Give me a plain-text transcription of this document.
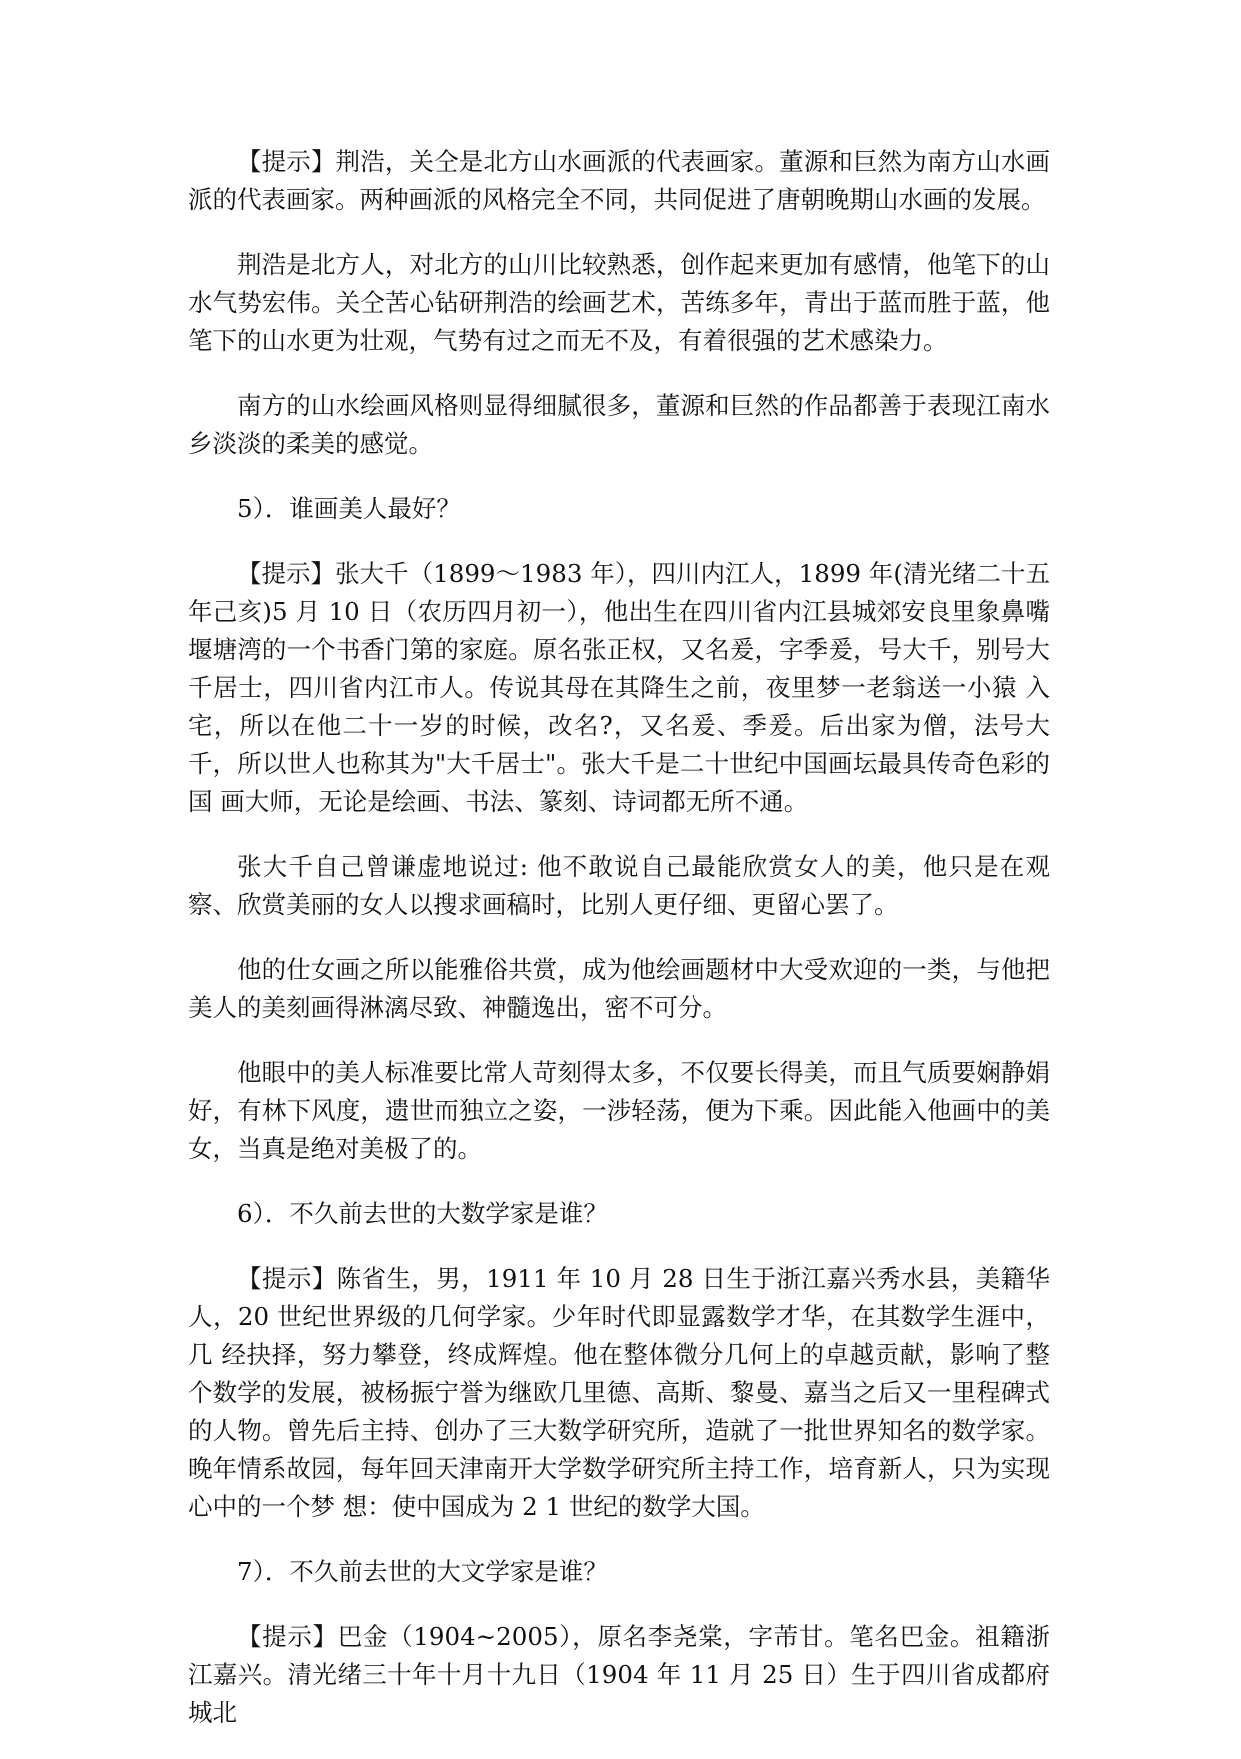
【提示】荆浩，关仝是北方山水画派的代表画家。董源和巨然为南方山水画派的代表画家。两种画派的风格完全不同，共同促进了唐朝晚期山水画的发展。

荆浩是北方人，对北方的山川比较熟悉，创作起来更加有感情，他笔下的山水气势宏伟。关仝苦心钻研荆浩的绘画艺术，苦练多年，青出于蓝而胜于蓝，他笔下的山水更为壮观，气势有过之而无不及，有着很强的艺术感染力。

南方的山水绘画风格则显得细腻很多，董源和巨然的作品都善于表现江南水乡淡淡的柔美的感觉。

5）．谁画美人最好？

【提示】张大千（1899～1983 年），四川内江人，1899 年(清光绪二十五年己亥)5 月 10 日（农历四月初一），他出生在四川省内江县城郊安良里象鼻嘴堰塘湾的一个书香门第的家庭。原名张正权，又名爰，字季爰，号大千，别号大千居士，四川省内江市人。传说其母在其降生之前，夜里梦一老翁送一小猿 入宅，所以在他二十一岁的时候，改名?，又名爰、季爰。后出家为僧，法号大千，所以世人也称其为"大千居士"。张大千是二十世纪中国画坛最具传奇色彩的国 画大师，无论是绘画、书法、篆刻、诗词都无所不通。

张大千自己曾谦虚地说过: 他不敢说自己最能欣赏女人的美，他只是在观察、欣赏美丽的女人以搜求画稿时，比别人更仔细、更留心罢了。

他的仕女画之所以能雅俗共赏，成为他绘画题材中大受欢迎的一类，与他把美人的美刻画得淋漓尽致、神髓逸出，密不可分。

他眼中的美人标准要比常人苛刻得太多，不仅要长得美，而且气质要娴静娟好，有林下风度，遗世而独立之姿，一涉轻荡，便为下乘。因此能入他画中的美女，当真是绝对美极了的。

6）．不久前去世的大数学家是谁？

【提示】陈省生，男，1911 年 10 月 28 日生于浙江嘉兴秀水县，美籍华人，20 世纪世界级的几何学家。少年时代即显露数学才华，在其数学生涯中，几 经抉择，努力攀登，终成辉煌。他在整体微分几何上的卓越贡献，影响了整个数学的发展，被杨振宁誉为继欧几里德、高斯、黎曼、嘉当之后又一里程碑式的人物。曾先后主持、创办了三大数学研究所，造就了一批世界知名的数学家。晚年情系故园，每年回天津南开大学数学研究所主持工作，培育新人，只为实现心中的一个梦 想：使中国成为 2 1 世纪的数学大国。

7）．不久前去世的大文学家是谁？

【提示】巴金（1904~2005），原名李尧棠，字芾甘。笔名巴金。祖籍浙江嘉兴。清光绪三十年十月十九日（1904 年 11 月 25 日）生于四川省成都府城北
